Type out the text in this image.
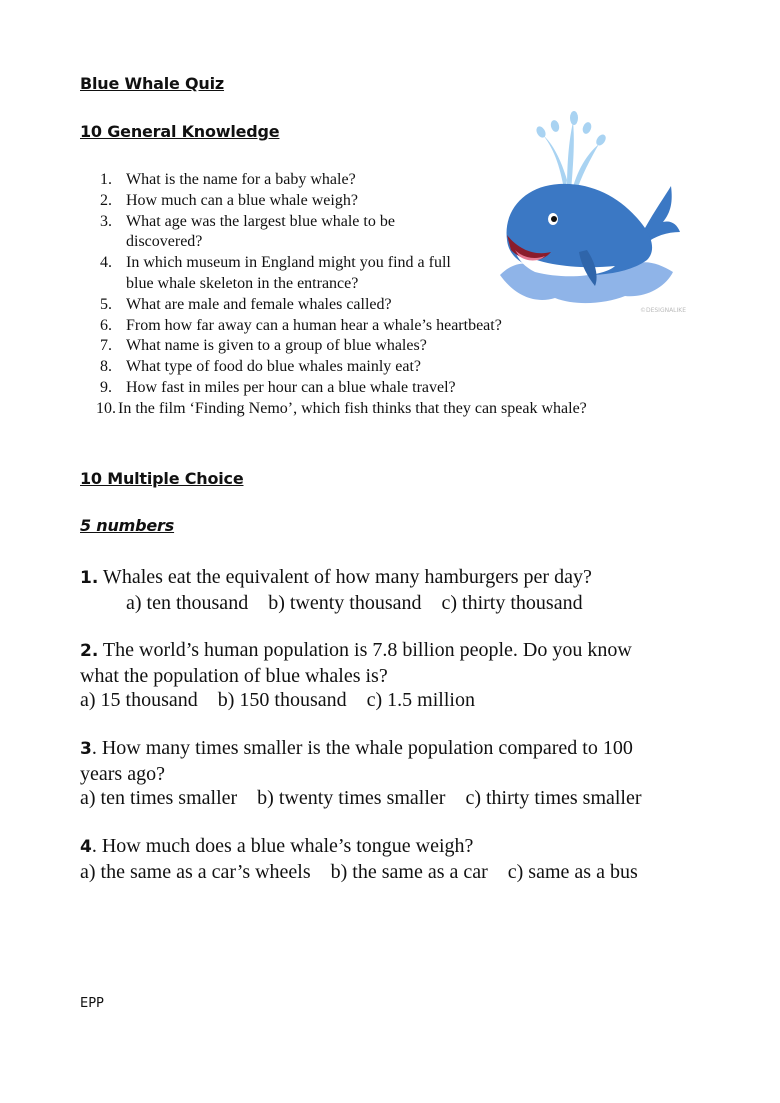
Blue Whale Quiz
10 General Knowledge
1. What is the name for a baby whale?
2. How much can a blue whale weigh?
3. What age was the largest blue whale to be discovered?
4. In which museum in England might you find a full blue whale skeleton in the entrance?
5. What are male and female whales called?
6. From how far away can a human hear a whale’s heartbeat?
7. What name is given to a group of blue whales?
8. What type of food do blue whales mainly eat?
9. How fast in miles per hour can a blue whale travel?
10. In the film ‘Finding Nemo’, which fish thinks that they can speak whale?
©DESIGNALIKE
10 Multiple Choice
5 numbers
1. Whales eat the equivalent of how many hamburgers per day?
a) ten thousand    b) twenty thousand    c) thirty thousand
2. The world’s human population is 7.8 billion people. Do you know what the population of blue whales is?
a) 15 thousand    b) 150 thousand    c) 1.5 million
3. How many times smaller is the whale population compared to 100 years ago?
a) ten times smaller    b) twenty times smaller    c) thirty times smaller
4. How much does a blue whale’s tongue weigh?
a) the same as a car’s wheels    b) the same as a car    c) same as a bus
EPP
